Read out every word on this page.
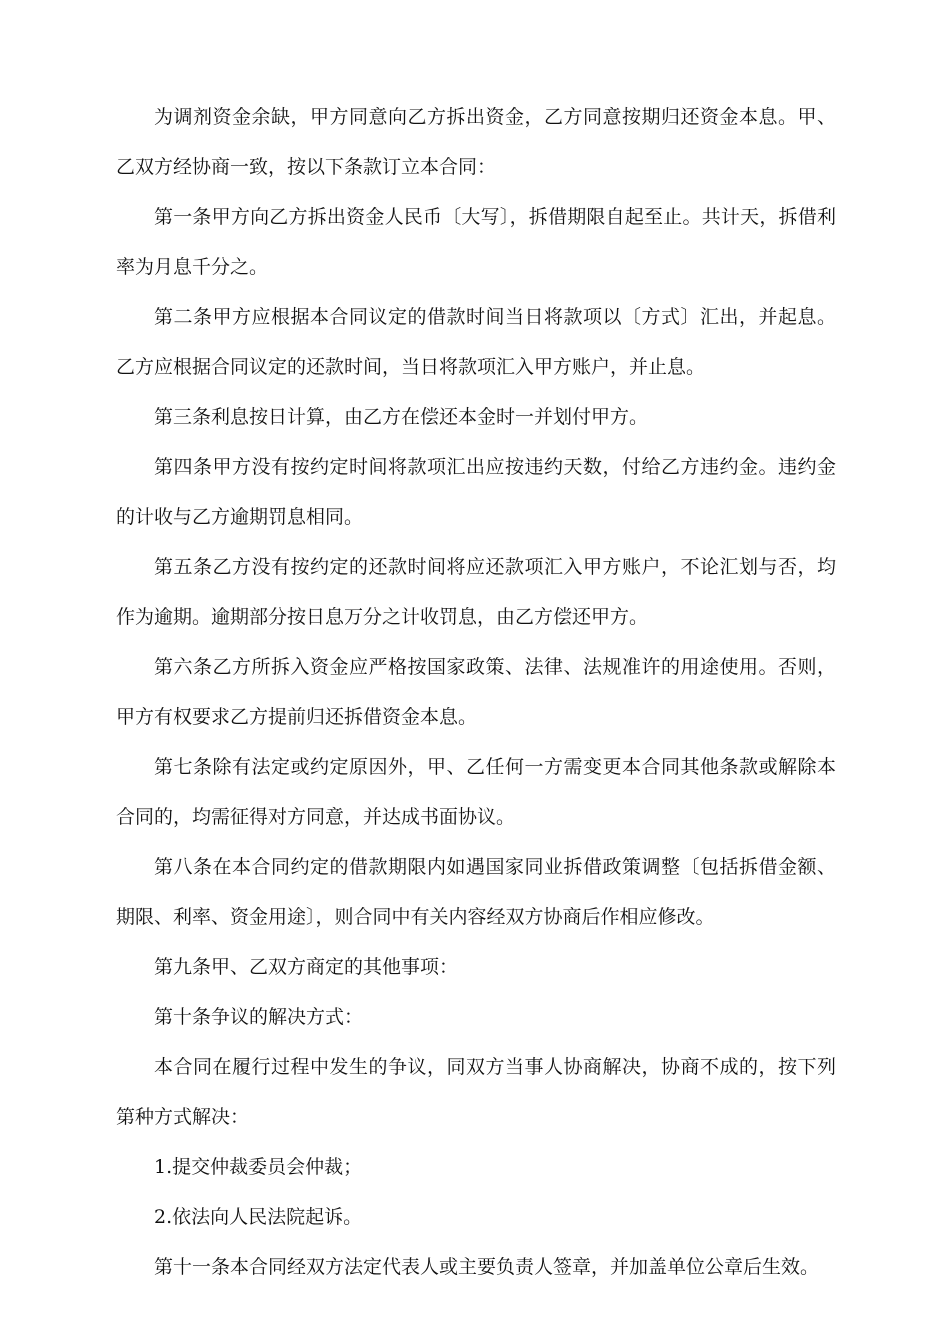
为调剂资金余缺，甲方同意向乙方拆出资金，乙方同意按期归还资金本息。甲、乙双方经协商一致，按以下条款订立本合同：

第一条甲方向乙方拆出资金人民币〔大写〕，拆借期限自起至止。共计天，拆借利率为月息千分之。

第二条甲方应根据本合同议定的借款时间当日将款项以〔方式〕汇出，并起息。乙方应根据合同议定的还款时间，当日将款项汇入甲方账户，并止息。

第三条利息按日计算，由乙方在偿还本金时一并划付甲方。

第四条甲方没有按约定时间将款项汇出应按违约天数，付给乙方违约金。违约金的计收与乙方逾期罚息相同。

第五条乙方没有按约定的还款时间将应还款项汇入甲方账户，不论汇划与否，均作为逾期。逾期部分按日息万分之计收罚息，由乙方偿还甲方。

第六条乙方所拆入资金应严格按国家政策、法律、法规准许的用途使用。否则，甲方有权要求乙方提前归还拆借资金本息。

第七条除有法定或约定原因外，甲、乙任何一方需变更本合同其他条款或解除本合同的，均需征得对方同意，并达成书面协议。

第八条在本合同约定的借款期限内如遇国家同业拆借政策调整〔包括拆借金额、期限、利率、资金用途〕，则合同中有关内容经双方协商后作相应修改。

第九条甲、乙双方商定的其他事项：

第十条争议的解决方式：

本合同在履行过程中发生的争议，同双方当事人协商解决，协商不成的，按下列第种方式解决：

1.提交仲裁委员会仲裁；

2.依法向人民法院起诉。

第十一条本合同经双方法定代表人或主要负责人签章，并加盖单位公章后生效。
